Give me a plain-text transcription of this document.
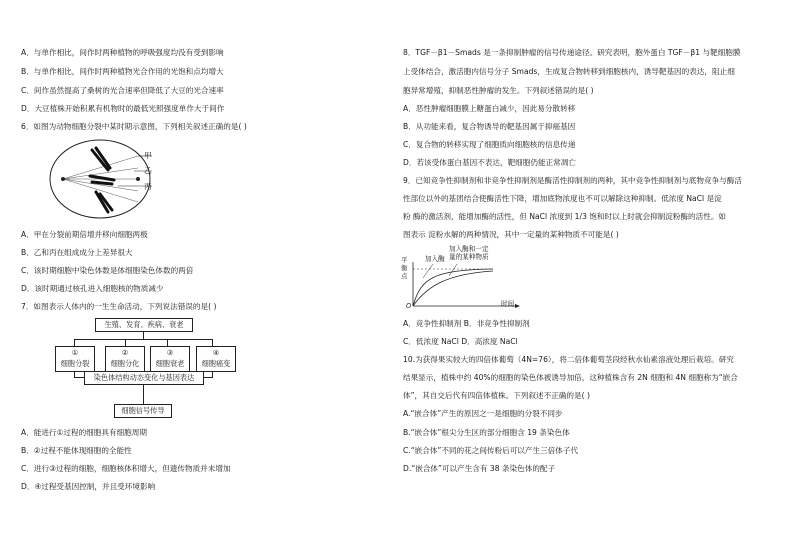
A．与单作相比，间作时两种植物的呼吸强度均没有受到影响
B．与单作相比，间作时两种植物光合作用的光饱和点均增大
C．间作虽然提高了桑树的光合速率但降低了大豆的光合速率
D．大豆植株开始积累有机物时的最低光照强度单作大于间作
6．如图为动物细胞分裂中某时期示意图，下列相关叙述正确的是( )
甲
乙
丙
A．甲在分裂前期倍增并移向细胞两极
B．乙和丙在组成成分上差异很大
C．该时期细胞中染色体数是体细胞染色体数的两倍
D．该时期通过核孔进入细胞核的物质减少
7．如图表示人体内的一生生命活动，下列说法错误的是( )
生殖、发育、疾病、衰老
①
细胞分裂
②
细胞分化
③
细胞衰老
④
细胞癌变
染色体结构动态变化与基因表达
细胞信号传导
A．能进行①过程的细胞具有细胞周期
B．②过程不能体现细胞的全能性
C．进行③过程的细胞，细胞核体积增大，但遗传物质并未增加
D．④过程受基因控制，并且受环境影响
8．TGF－β1－Smads 是一条抑制肿瘤的信号传递途径。研究表明，胞外蛋白 TGF－β1 与靶细胞膜
上受体结合，激活胞内信号分子 Smads，生成复合物转移到细胞核内，诱导靶基因的表达，阻止细
胞异常增殖，抑制恶性肿瘤的发生。下列叙述错误的是( )
A．恶性肿瘤细胞膜上糖蛋白减少，因此易分散转移
B．从功能来看，复合物诱导的靶基因属于抑癌基因
C．复合物的转移实现了细胞质向细胞核的信息传递
D．若该受体蛋白基因不表达，靶细胞仍能正常凋亡
9．已知竞争性抑制剂和非竞争性抑制剂是酶活性抑制剂的两种，其中竞争性抑制剂与底物竞争与酶活
性部位以外的基团结合使酶活性下降，增加底物浓度也不可以解除这种抑制。低浓度 NaCl 是淀
粉 酶的激活剂，能增加酶的活性，但 NaCl 浓度到 1/3 饱和时以上时就会抑制淀粉酶的活性。如
图表示 淀粉水解的两种情况，其中一定量的某种物质不可能是( )
平
衡
点
加入酶
加入酶和一定
量的某种物质
O	时间
A．竞争性抑制剂 B．非竞争性抑制剂
C．低浓度 NaCl D．高浓度 NaCl
10.为获得果实较大的四倍体葡萄（4N=76），将二倍体葡萄茎段经秋水仙素溶液处理后栽培。研究
结果显示，植株中约 40%的细胞的染色体被诱导加倍，这种植株含有 2N 细胞和 4N 细胞称为“嵌合
体”，其自交后代有四倍体植株。下列叙述不正确的是( )
A.“嵌合体”产生的原因之一是细胞的分裂不同步
B.“嵌合体”根尖分生区的部分细胞含 19 条染色体
C.“嵌合体”不同的花之间传粉后可以产生三倍体子代
D.“嵌合体”可以产生含有 38 条染色体的配子
